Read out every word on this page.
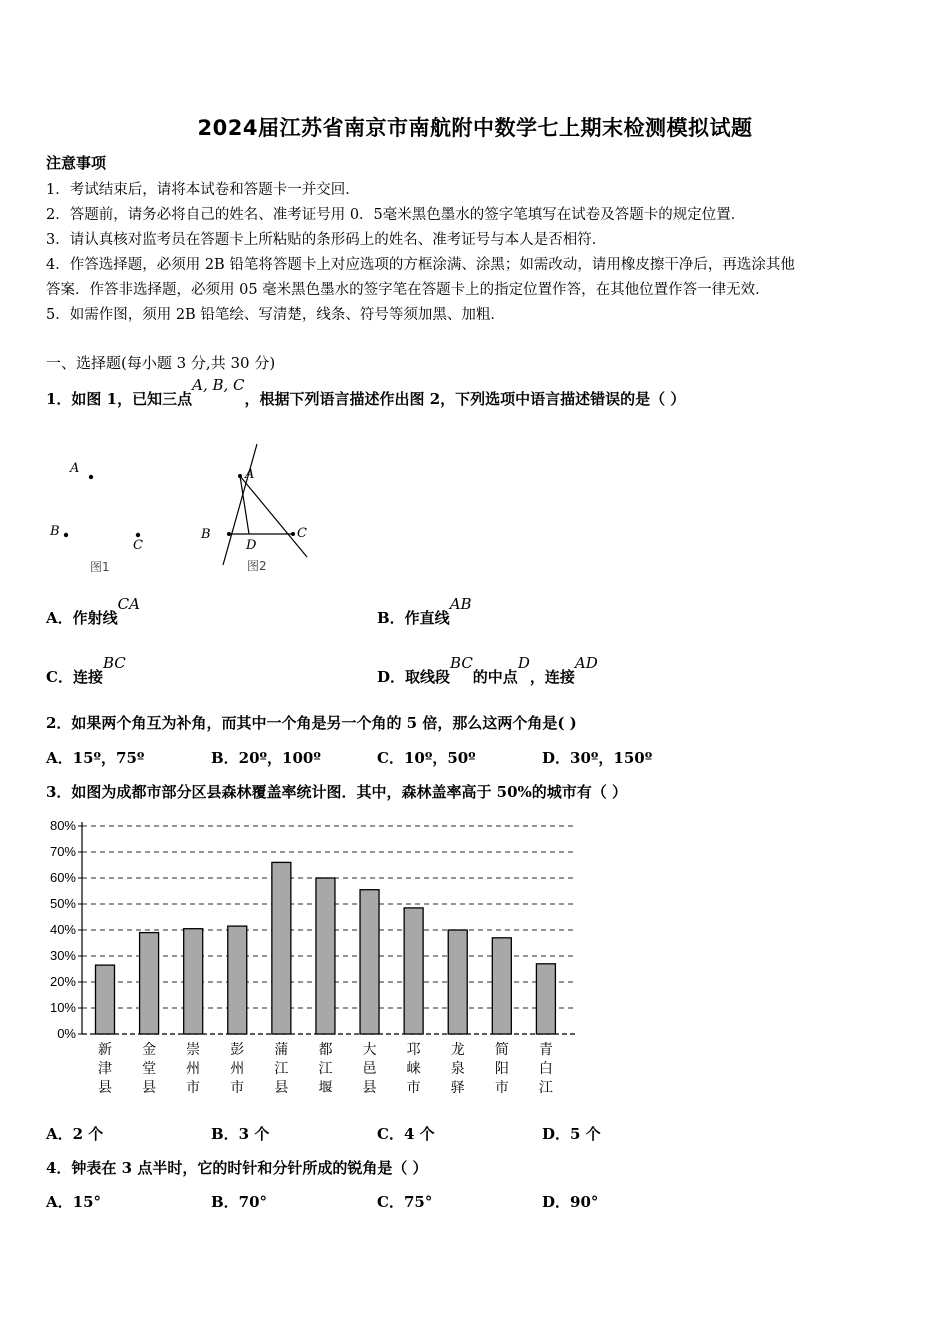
2024届江苏省南京市南航附中数学七上期末检测模拟试题
注意事项
1．考试结束后，请将本试卷和答题卡一并交回．
2．答题前，请务必将自己的姓名、准考证号用 0．5毫米黑色墨水的签字笔填写在试卷及答题卡的规定位置．
3．请认真核对监考员在答题卡上所粘贴的条形码上的姓名、准考证号与本人是否相符．
4．作答选择题，必须用 2B 铅笔将答题卡上对应选项的方框涂满、涂黑；如需改动，请用橡皮擦干净后，再选涂其他
答案．作答非选择题，必须用 05 毫米黑色墨水的签字笔在答题卡上的指定位置作答，在其他位置作答一律无效．
5．如需作图，须用 2B 铅笔绘、写清楚，线条、符号等须加黑、加粗．
一、选择题(每小题 3 分,共 30 分)
1．如图 1，已知三点A, B, C，根据下列语言描述作出图 2，下列选项中语言描述错误的是（ ）
A
B
C
图1
A
B	C
D
图2
A．作射线CA
B．作直线AB
C．连接BC
D．取线段BC的中点D，连接AD
2．如果两个角互为补角，而其中一个角是另一个角的 5 倍，那么这两个角是( )
A．15º，75º	B．20º，100º	C．10º，50º	D．30º，150º
3．如图为成都市部分区县森林覆盖率统计图．其中，森林盖率高于 50%的城市有（ ）
80%
70%
60%
50%
40%
30%
20%
10%
0%
新
津
县
金
堂
县
崇
州
市
彭
州
市
蒲
江
县
都
江
堰
大
邑
县
邛
崃
市
龙
泉
驿
简
阳
市
青
白
江
A．2 个	B．3 个	C．4 个	D．5 个
4．钟表在 3 点半时，它的时针和分针所成的锐角是（ ）
A．15°	B．70°	C．75°	D．90°
